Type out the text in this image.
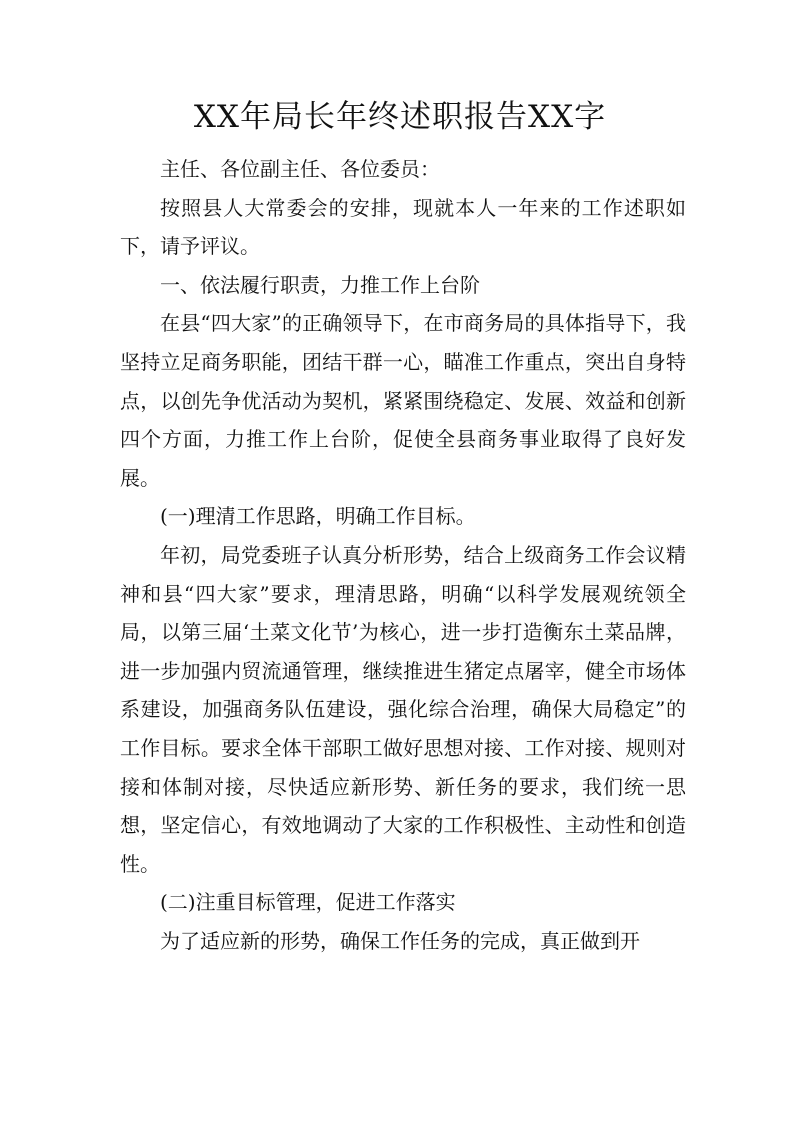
XX年局长年终述职报告XX字

主任、各位副主任、各位委员：

按照县人大常委会的安排，现就本人一年来的工作述职如下，请予评议。

一、依法履行职责，力推工作上台阶

在县“四大家”的正确领导下，在市商务局的具体指导下，我坚持立足商务职能，团结干群一心，瞄准工作重点，突出自身特点，以创先争优活动为契机，紧紧围绕稳定、发展、效益和创新四个方面，力推工作上台阶，促使全县商务事业取得了良好发展。

(一)理清工作思路，明确工作目标。

年初，局党委班子认真分析形势，结合上级商务工作会议精神和县“四大家”要求，理清思路，明确“以科学发展观统领全局，以第三届‘土菜文化节’为核心，进一步打造衡东土菜品牌，进一步加强内贸流通管理，继续推进生猪定点屠宰，健全市场体系建设，加强商务队伍建设，强化综合治理，确保大局稳定”的工作目标。要求全体干部职工做好思想对接、工作对接、规则对接和体制对接，尽快适应新形势、新任务的要求，我们统一思想，坚定信心，有效地调动了大家的工作积极性、主动性和创造性。

(二)注重目标管理，促进工作落实

为了适应新的形势，确保工作任务的完成，真正做到开
